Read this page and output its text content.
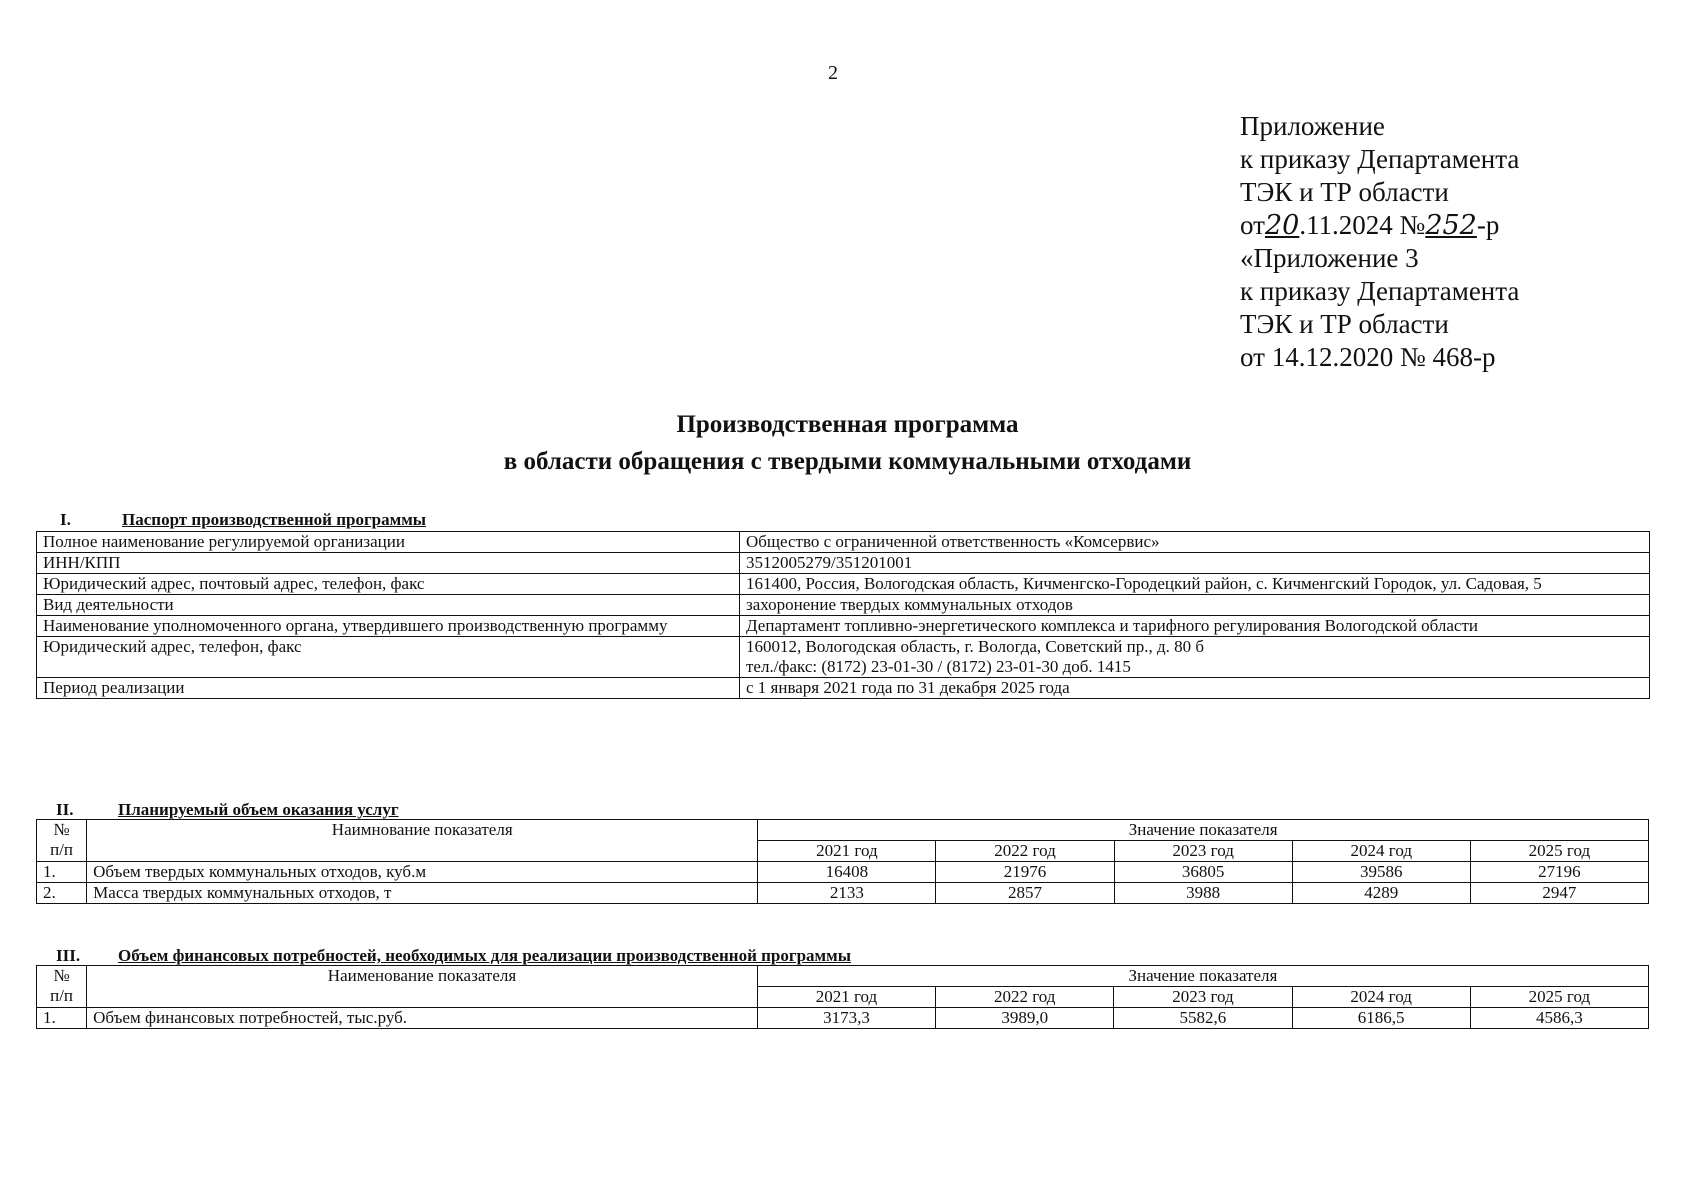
2
Приложение
к приказу Департамента
ТЭК и ТР области
от20.11.2024 №252-р
«Приложение 3
к приказу Департамента
ТЭК и ТР области
от 14.12.2020 № 468-р
Производственная программа
в области обращения с твердыми коммунальными отходами
I.	Паспорт производственной программы
Полное наименование регулируемой организации	Общество с ограниченной ответственность «Комсервис»
ИНН/КПП	3512005279/351201001
Юридический адрес, почтовый адрес, телефон, факс	161400, Россия, Вологодская область, Кичменгско-Городецкий район, с. Кичменгский Городок, ул. Садовая, 5
Вид деятельности	захоронение твердых коммунальных отходов
Наименование уполномоченного органа, утвердившего производственную программу	Департамент топливно-энергетического комплекса и тарифного регулирования Вологодской области
Юридический адрес, телефон, факс	160012, Вологодская область, г. Вологда, Советский пр., д. 80 б
тел./факс: (8172) 23-01-30 / (8172) 23-01-30 доб. 1415
Период реализации	с 1 января 2021 года по 31 декабря 2025 года
II.	Планируемый объем оказания услуг
№
п/п	Наимнование показателя	Значение показателя				
		2021 год	2022 год	2023 год	2024 год	2025 год
1.	Объем твердых коммунальных отходов, куб.м	16408	21976	36805	39586	27196
2.	Масса твердых коммунальных отходов, т	2133	2857	3988	4289	2947
III. Объем финансовых потребностей, необходимых для реализации производственной программы
№
п/п	Наименование показателя	Значение показателя				
		2021 год	2022 год	2023 год	2024 год	2025 год
1.	Объем финансовых потребностей, тыс.руб.	3173,3	3989,0	5582,6	6186,5	4586,3
